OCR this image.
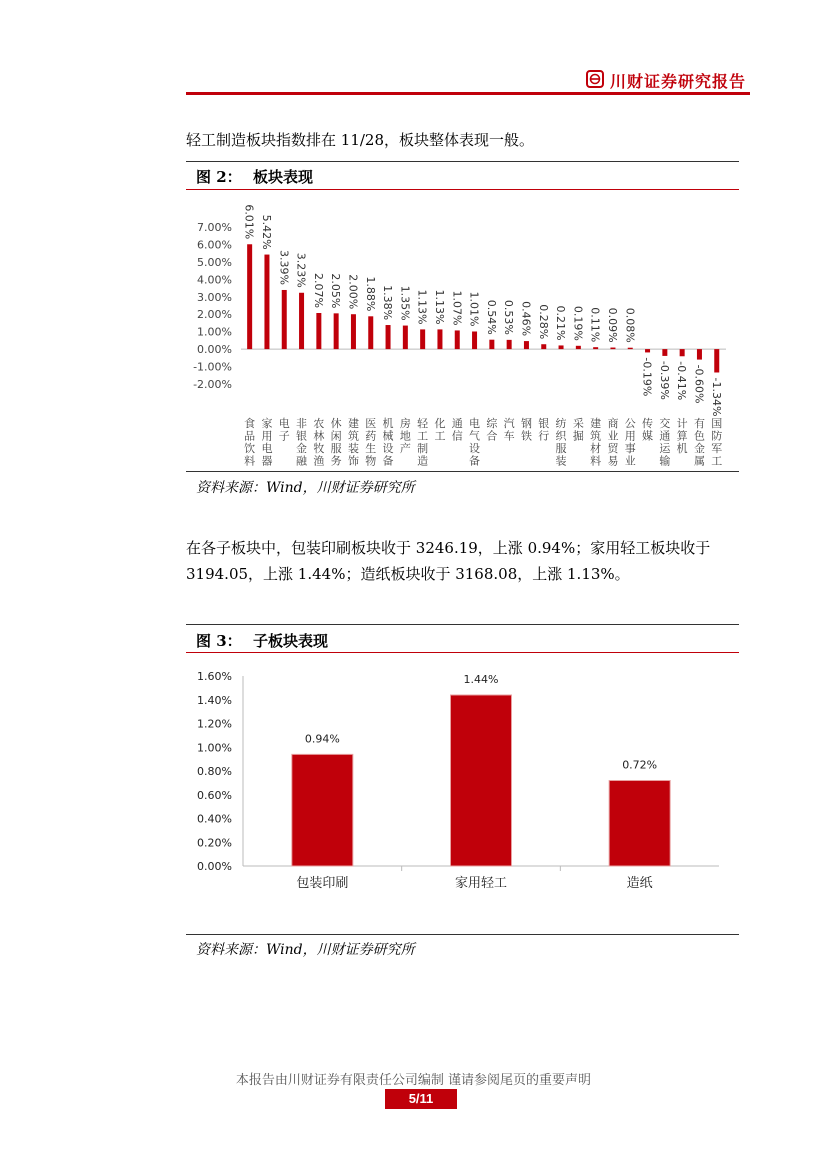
川财证券研究报告
轻工制造板块指数排在 11/28，板块整体表现一般。
图 2： 板块表现
7.00%
6.00%
5.00%
4.00%
3.00%
2.00%
1.00%
0.00%
-1.00%
-2.00%
6.01% 5.42%
3.39% 3.23%
2.07% 2.05% 2.00% 1.88% 1.38% 1.35% 1.13% 1.13% 1.07% 1.01% 0.54% 0.53% 0.46% 0.28% 0.21% 0.19% 0.11% 0.09% 0.08%
-0.19% -0.39% -0.41% -0.60% -1.34%
食
品
饮
料
家
用
电
器
电
子
非
银
金
融
农
林
牧
渔
休
闲
服
务
建
筑
装
饰
医
药
生
物
机
械
设
备
房
地
产
轻
工
制
造
化
工
通
信
电
气
设
备
综
合
汽
车
钢
铁
银
行
纺
织
服
装
采
掘
建
筑
材
料
商
业
贸
易
公
用
事
业
传
媒
交
通
运
输
计
算
机
有
色
金
属
国
防
军
工
资料来源：Wind，川财证券研究所
在各子板块中，包装印刷板块收于 3246.19，上涨 0.94%；家用轻工板块收于
3194.05，上涨 1.44%；造纸板块收于 3168.08，上涨 1.13%。
图 3： 子板块表现
1.60%
1.40%
1.20%
1.00%
0.80%
0.60%
0.40%
0.20%
0.00%
0.94%
1.44%
0.72%
包装印刷	家用轻工	造纸
资料来源：Wind，川财证券研究所
本报告由川财证券有限责任公司编制 谨请参阅尾页的重要声明
5/11
